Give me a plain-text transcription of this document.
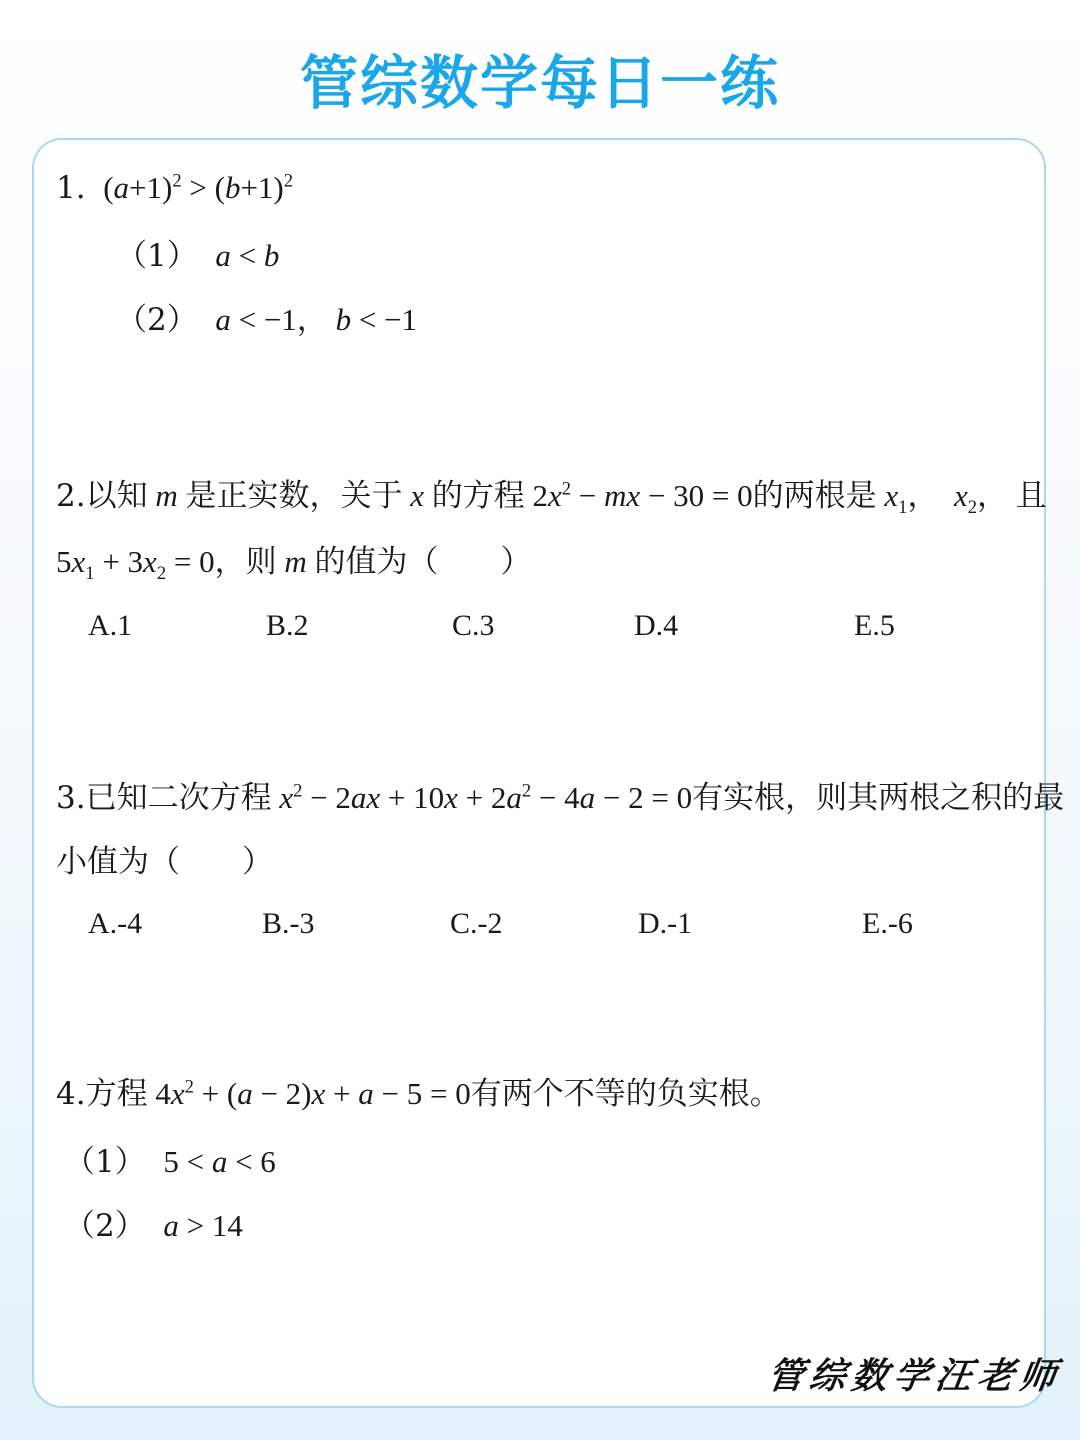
管综数学每日一练
1.  $(a+1)^2 > (b+1)^2$
（1） a < b
（2） a < −1， b < −1
2.以知 m 是正实数，关于 x 的方程 $2x^2$ − mx − 30 = 0的两根是 $x_1$，  $x_2$， 且
$5x_1 + 3x_2 = 0$，则 m 的值为（　　）
A.1	B.2	C.3	D.4	E.5
3.已知二次方程 $x^2 - 2ax + 10x + 2a^2 - 4a - 2 = 0$有实根，则其两根之积的最
小值为（　　）
A.-4	B.-3	C.-2	D.-1	E.-6
4.方程 $4x^2 + (a - 2)x + a - 5 = 0$有两个不等的负实根。
（1）  5 < a < 6
（2） a > 14
管综数学汪老师
